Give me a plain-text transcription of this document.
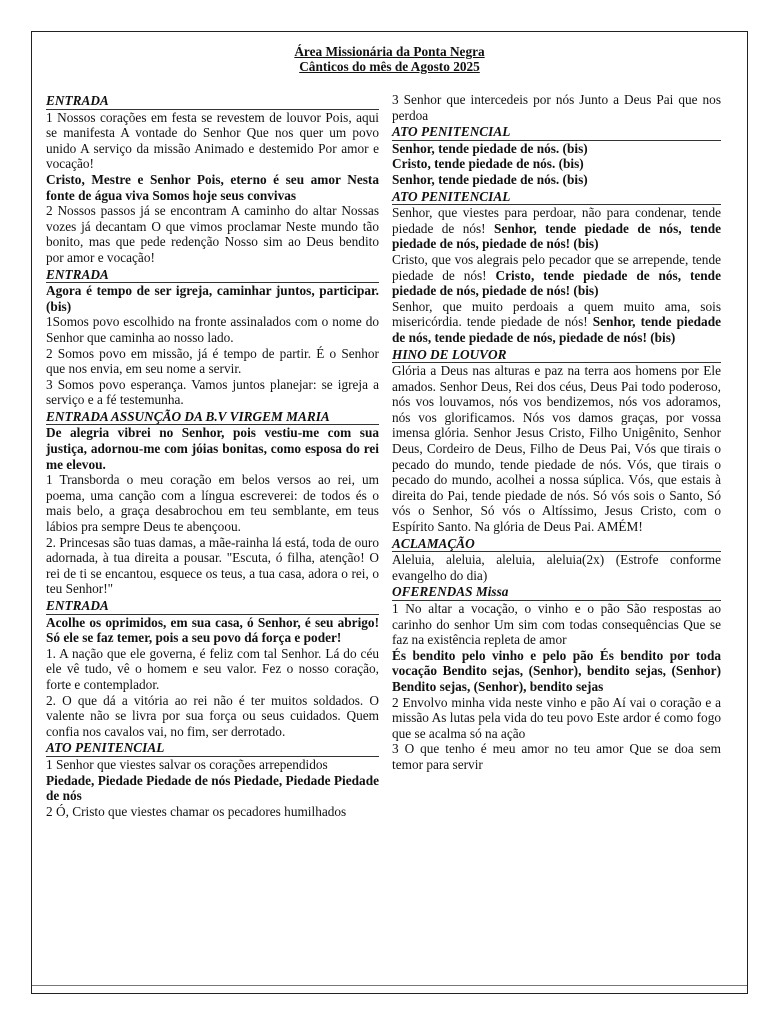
Área Missionária da Ponta Negra
Cânticos do mês de Agosto 2025
ENTRADA

1 Nossos corações em festa se revestem de louvor Pois, aqui se manifesta A vontade do Senhor Que nos quer um povo unido A serviço da missão Animado e destemido Por amor e vocação!

Cristo, Mestre e Senhor Pois, eterno é seu amor Nesta fonte de água viva Somos hoje seus convivas

2 Nossos passos já se encontram A caminho do altar Nossas vozes já decantam O que vimos proclamar Neste mundo tão bonito, mas que pede redenção Nosso sim ao Deus bendito por amor e vocação!

ENTRADA

Agora é tempo de ser igreja, caminhar juntos, participar. (bis)

1Somos povo escolhido na fronte assinalados com o nome do Senhor que caminha ao nosso lado.

2 Somos povo em missão, já é tempo de partir. É o Senhor que nos envia, em seu nome a servir.

3 Somos povo esperança. Vamos juntos planejar: se igreja a serviço e a fé testemunha.

ENTRADA ASSUNÇÃO DA B.V VIRGEM MARIA

De alegria vibrei no Senhor, pois vestiu-me com sua justiça, adornou-me com jóias bonitas, como esposa do rei me elevou.

1 Transborda o meu coração em belos versos ao rei, um poema, uma canção com a língua escreverei: de todos és o mais belo, a graça desabrochou em teu semblante, em teus lábios pra sempre Deus te abençoou.

2. Princesas são tuas damas, a mãe-rainha lá está, toda de ouro adornada, à tua direita a pousar. "Escuta, ó filha, atenção! O rei de ti se encantou, esquece os teus, a tua casa, adora o rei, o teu Senhor!"

ENTRADA

Acolhe os oprimidos, em sua casa, ó Senhor, é seu abrigo! Só ele se faz temer, pois a seu povo dá força e poder!

1. A nação que ele governa, é feliz com tal Senhor. Lá do céu ele vê tudo, vê o homem e seu valor. Fez o nosso coração, forte e contemplador.

2. O que dá a vitória ao rei não é ter muitos soldados. O valente não se livra por sua força ou seus cuidados. Quem confia nos cavalos vai, no fim, ser derrotado.

ATO PENITENCIAL

1 Senhor que viestes salvar os corações arrependidos

Piedade, Piedade Piedade de nós Piedade, Piedade Piedade de nós

2 Ó, Cristo que viestes chamar os pecadores humilhados

3 Senhor que intercedeis por nós Junto a Deus Pai que nos perdoa

ATO PENITENCIAL

Senhor, tende piedade de nós. (bis)

Cristo, tende piedade de nós. (bis)

Senhor, tende piedade de nós. (bis)

ATO PENITENCIAL

Senhor, que viestes para perdoar, não para condenar, tende piedade de nós! Senhor, tende piedade de nós, tende piedade de nós, piedade de nós! (bis)

Cristo, que vos alegrais pelo pecador que se arrepende, tende piedade de nós! Cristo, tende piedade de nós, tende piedade de nós, piedade de nós! (bis)

Senhor, que muito perdoais a quem muito ama, sois misericórdia. tende piedade de nós! Senhor, tende piedade de nós, tende piedade de nós, piedade de nós! (bis)

HINO DE LOUVOR

Glória a Deus nas alturas e paz na terra aos homens por Ele amados. Senhor Deus, Rei dos céus, Deus Pai todo poderoso, nós vos louvamos, nós vos bendizemos, nós vos adoramos, nós vos glorificamos. Nós vos damos graças, por vossa imensa glória. Senhor Jesus Cristo, Filho Unigênito, Senhor Deus, Cordeiro de Deus, Filho de Deus Pai, Vós que tirais o pecado do mundo, tende piedade de nós. Vós, que tirais o pecado do mundo, acolhei a nossa súplica. Vós, que estais à direita do Pai, tende piedade de nós. Só vós sois o Santo, Só vós o Senhor, Só vós o Altíssimo, Jesus Cristo, com o Espírito Santo. Na glória de Deus Pai. AMÉM!

ACLAMAÇÃO

Aleluia, aleluia, aleluia, aleluia(2x) (Estrofe conforme evangelho do dia)

OFERENDAS Missa

1 No altar a vocação, o vinho e o pão São respostas ao carinho do senhor Um sim com todas consequências Que se faz na existência repleta de amor

És bendito pelo vinho e pelo pão És bendito por toda vocação Bendito sejas, (Senhor), bendito sejas, (Senhor) Bendito sejas, (Senhor), bendito sejas

2 Envolvo minha vida neste vinho e pão Aí vai o coração e a missão As lutas pela vida do teu povo Este ardor é como fogo que se acalma só na ação

3 O que tenho é meu amor no teu amor Que se doa sem temor para servir
